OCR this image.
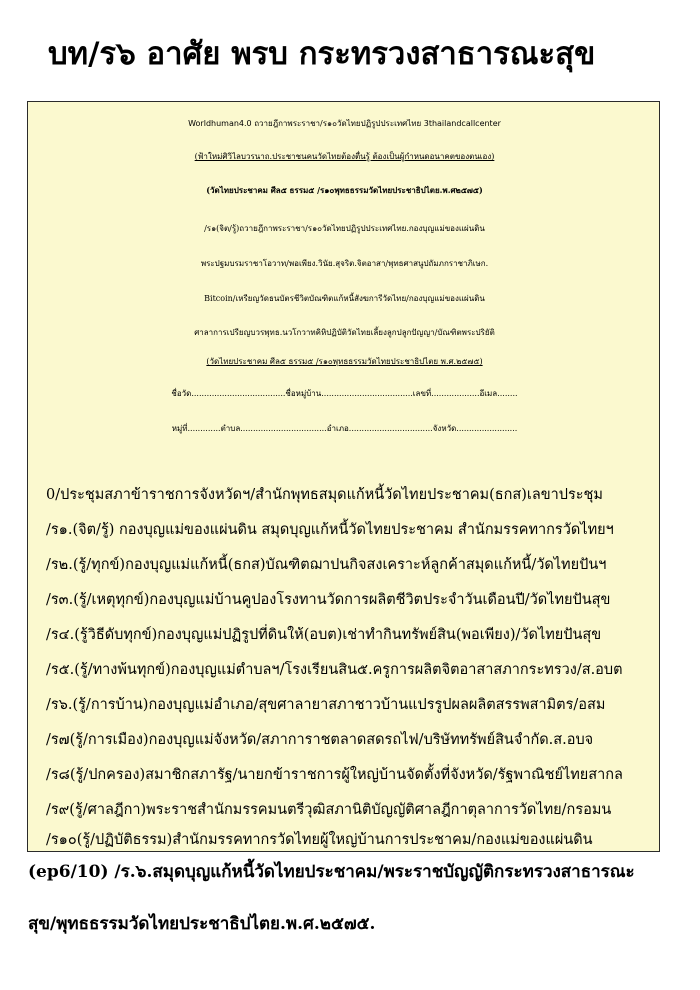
บท/ร๖ อาศัย พรบ กระทรวงสาธารณะสุข
Worldhuman4.0 ถวายฎีกาพระราชา/ร๑๐วัดไทยปฏิรูปประเทศไทย 3thailandcallcenter
(ฟ้าใหม่ศิวิไลบวรนาถ.ประชาชนคนวัดไทยต้องตื่นรู้ ต้องเป็นผู้กำหนดอนาคตของตนเอง)
(วัดไทยประชาคม ศีล๕ ธรรม๕ /ร๑๐พุทธธรรมวัดไทยประชาธิปไตย.พ.ศ๒๕๗๕)
/ร๑(จิต/รู้)ถวายฎีกาพระราชา/ร๑๐วัดไทยปฏิรูปประเทศไทย.กองบุญแม่ของแผ่นดิน
พระปฐมบรมราชาโอวาท/พอเพียง.วินัย.สุจริต.จิตอาสา/พุทธศาสนูปถัมภกราชาภิเษก.
Bitcoin/เหรียญวัดธนบัตรชีวิตบัณฑิตแก้หนี้สังฆการีวัดไทย/กองบุญแม่ของแผ่นดิน
ศาลาการเปรียญบวรพุทธ.นวโกวาทคิหิปฏิบัติวัดไทยเลี้ยงลูกปลูกปัญญา/บัณฑิตพระปริยัติ
(วัดไทยประชาคม ศีล๕ ธรรม๕ /ร๑๐พุทธธรรมวัดไทยประชาธิปไตย พ.ศ.๒๕๗๕)
ชื่อวัด.....................................ชื่อหมู่บ้าน....................................เลขที่...................อีเมล........
หมู่ที่.............ตำบล..................................อำเภอ.................................จังหวัด........................
0/ประชุมสภาข้าราชการจังหวัดฯ/สำนักพุทธสมุดแก้หนี้วัดไทยประชาคม(ธกส)เลขาประชุม
/ร๑.(จิต/รู้) กองบุญแม่ของแผ่นดิน สมุดบุญแก้หนี้วัดไทยประชาคม สำนักมรรคทากรวัดไทยฯ
/ร๒.(รู้/ทุกข์)กองบุญแม่แก้หนี้(ธกส)บัณฑิตฌาปนกิจสงเคราะห์ลูกค้าสมุดแก้หนี้/วัดไทยปันฯ
/ร๓.(รู้/เหตุทุกข์)กองบุญแม่บ้านคูปองโรงทานวัดการผลิตชีวิตประจำวันเดือนปี/วัดไทยปันสุข
/ร๔.(รู้วิธีดับทุกข์)กองบุญแม่ปฏิรูปที่ดินให้(อบต)เช่าทำกินทรัพย์สิน(พอเพียง)/วัดไทยปันสุข
/ร๕.(รู้/ทางพ้นทุกข์)กองบุญแม่ตำบลฯ/โรงเรียนสิน๕.ครูการผลิตจิตอาสาสภากระทรวง/ส.อบต
/ร๖.(รู้/การบ้าน)กองบุญแม่อำเภอ/สุขศาลายาสภาชาวบ้านแปรรูปผลผลิตสรรพสามิตร/อสม
/ร๗(รู้/การเมือง)กองบุญแม่จังหวัด/สภาการาชตลาดสดรถไฟ/บริษัททรัพย์สินจำกัด.ส.อบจ
/ร๘(รู้/ปกครอง)สมาชิกสภารัฐ/นายกข้าราชการผู้ใหญ่บ้านจัดตั้งที่จังหวัด/รัฐพาณิชย์ไทยสากล
/ร๙(รู้/ศาลฎีกา)พระราชสำนักมรรคมนตรีวุฒิสภานิติบัญญัติศาลฎีกาตุลาการวัดไทย/กรอมน
/ร๑๐(รู้/ปฏิบัติธรรม)สำนักมรรคทากรวัดไทยผู้ใหญ่บ้านการประชาคม/กองแม่ของแผ่นดิน
(ep6/10) /ร.๖.สมุดบุญแก้หนี้วัดไทยประชาคม/พระราชบัญญัติกระทรวงสาธารณะ
สุข/พุทธธรรมวัดไทยประชาธิปไตย.พ.ศ.๒๕๗๕.
